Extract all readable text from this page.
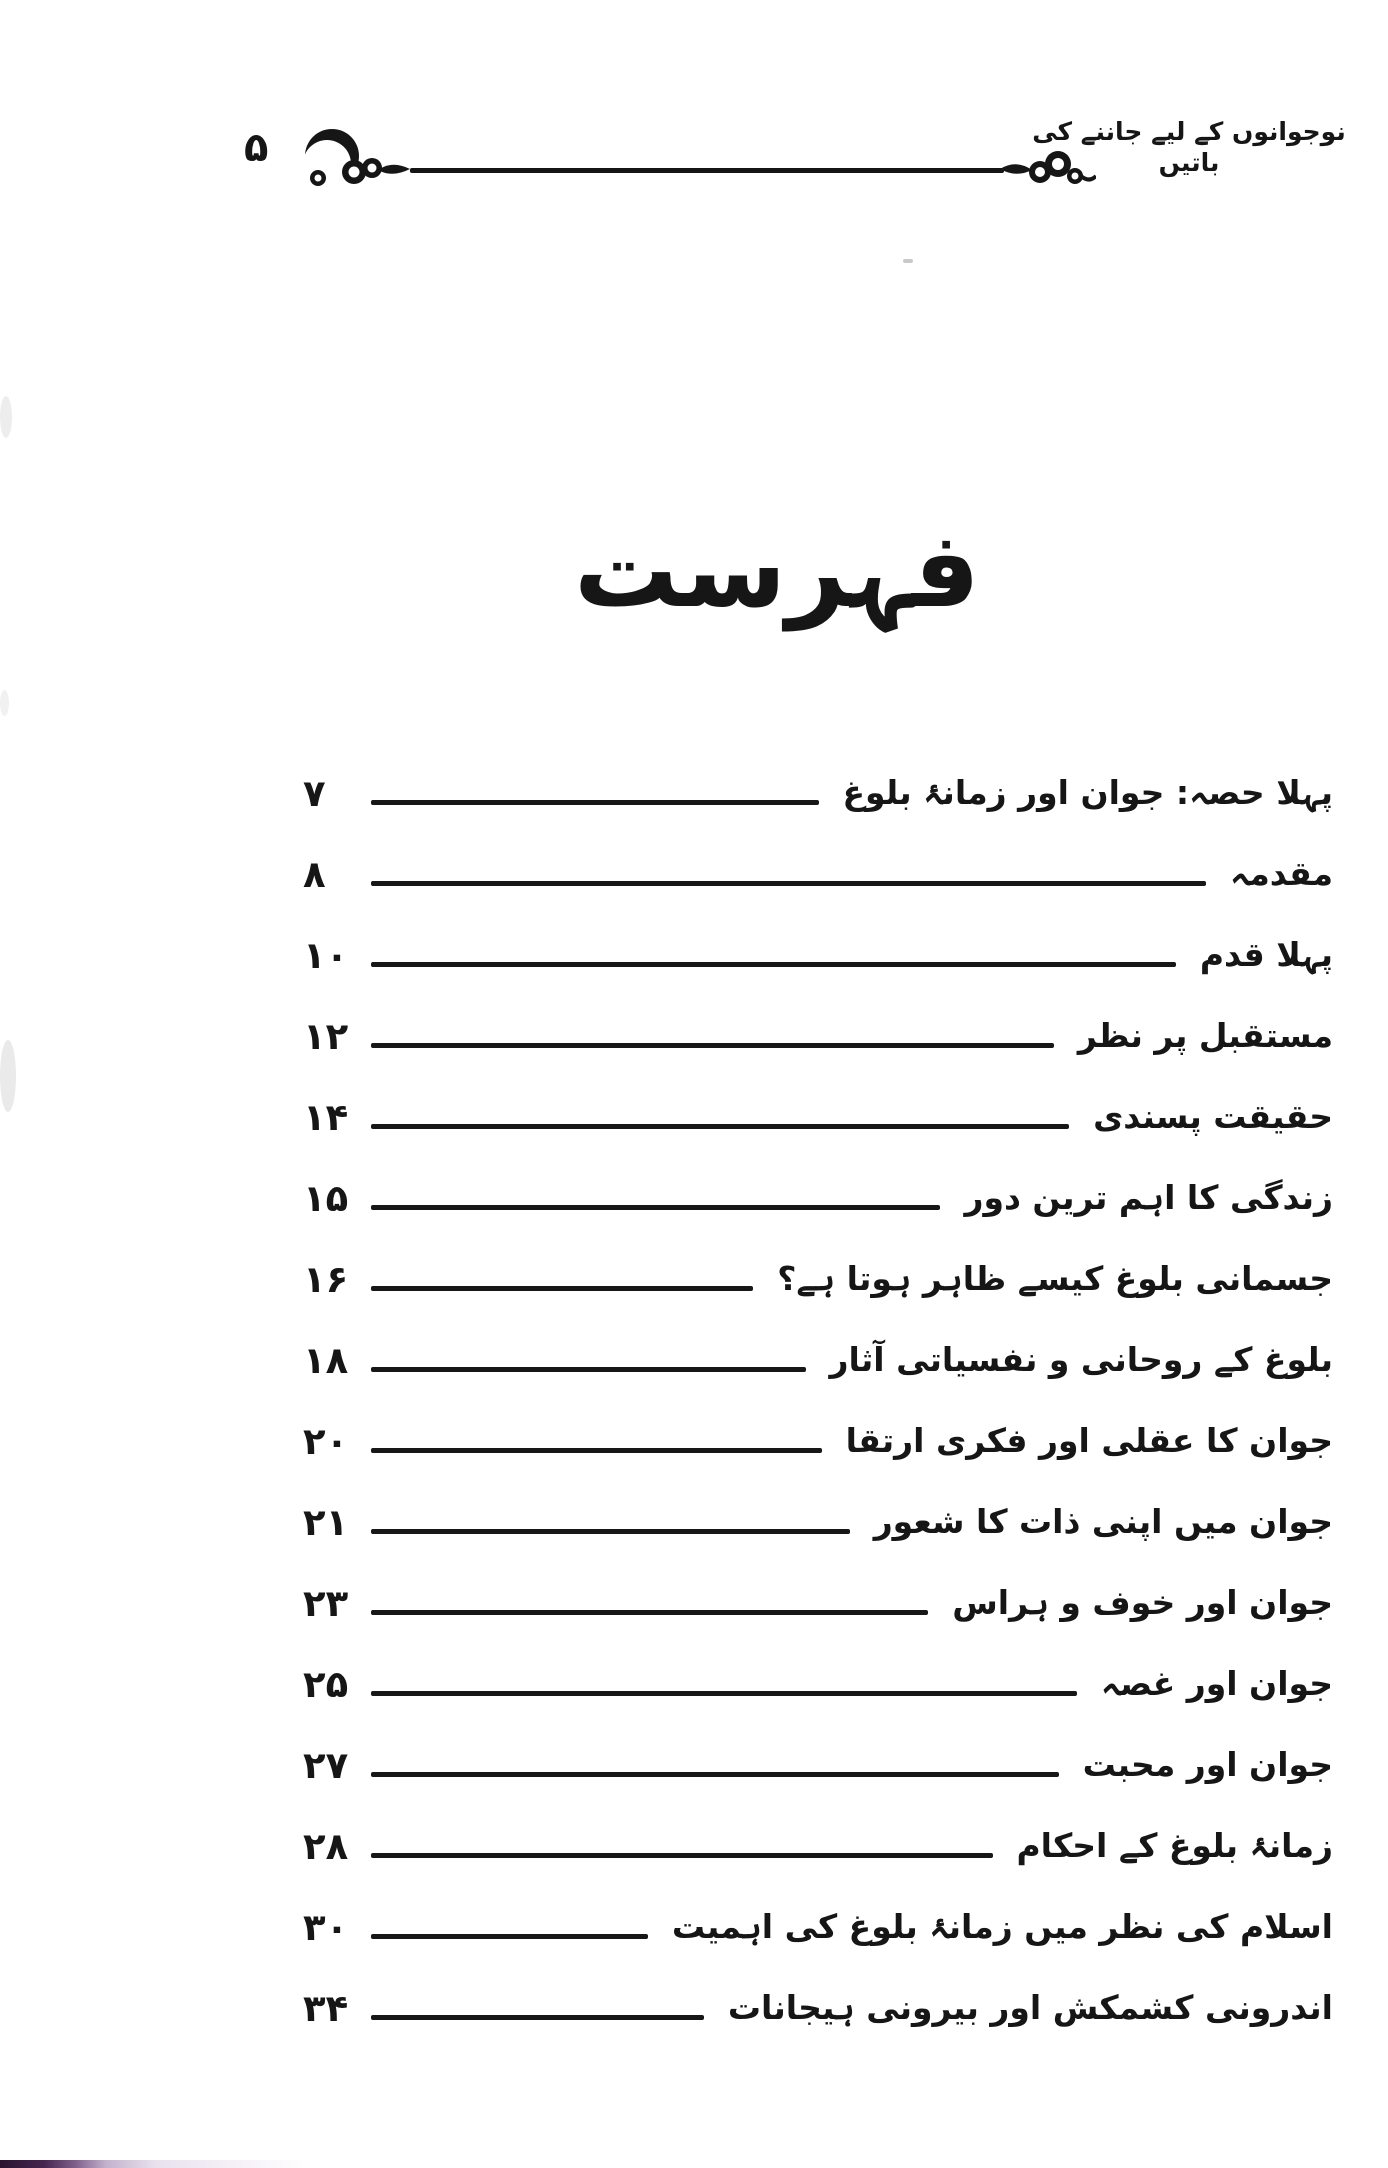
۵	نوجوانوں کے لیے جاننے کی باتیں
فہرست
۷	پہلا حصہ: جوان اور زمانۂ بلوغ
۸	مقدمہ
۱۰	پہلا قدم
۱۲	مستقبل پر نظر
۱۴	حقیقت پسندی
۱۵	زندگی کا اہم ترین دور
۱۶	جسمانی بلوغ کیسے ظاہر ہوتا ہے؟
۱۸	بلوغ کے روحانی و نفسیاتی آثار
۲۰	جوان کا عقلی اور فکری ارتقا
۲۱	جوان میں اپنی ذات کا شعور
۲۳	جوان اور خوف و ہراس
۲۵	جوان اور غصہ
۲۷	جوان اور محبت
۲۸	زمانۂ بلوغ کے احکام
۳۰	اسلام کی نظر میں زمانۂ بلوغ کی اہمیت
۳۴	اندرونی کشمکش اور بیرونی ہیجانات
